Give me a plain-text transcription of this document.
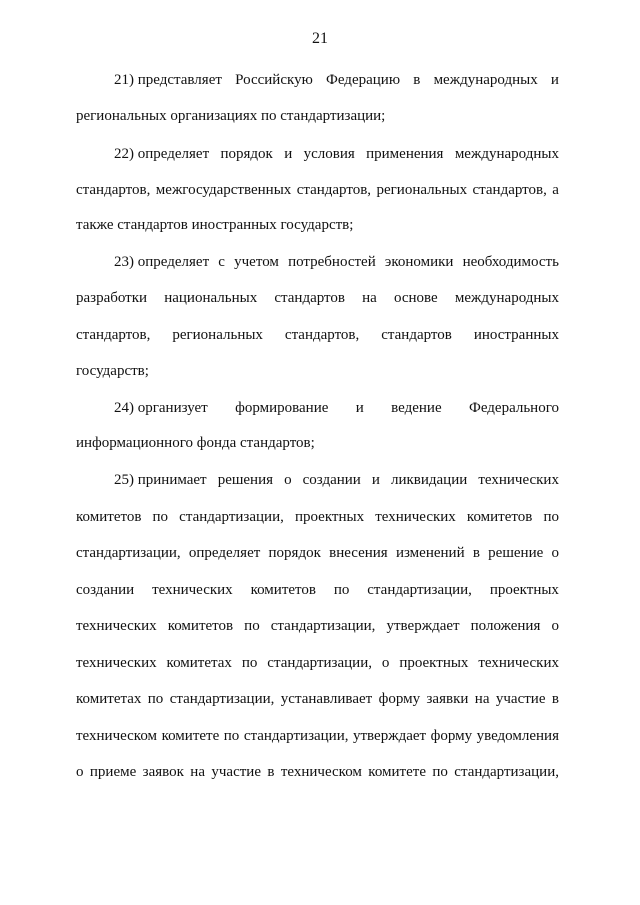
21
21) представляет Российскую Федерацию в международных и
региональных организациях по стандартизации;
22) определяет порядок и условия применения международных
стандартов, межгосударственных стандартов, региональных стандартов, а
также стандартов иностранных государств;
23) определяет с учетом потребностей экономики необходимость
разработки национальных стандартов на основе международных
стандартов, региональных стандартов, стандартов иностранных
государств;
24) организует формирование и ведение Федерального
информационного фонда стандартов;
25) принимает решения о создании и ликвидации технических
комитетов по стандартизации, проектных технических комитетов по
стандартизации, определяет порядок внесения изменений в решение о
создании технических комитетов по стандартизации, проектных
технических комитетов по стандартизации, утверждает положения о
технических комитетах по стандартизации, о проектных технических
комитетах по стандартизации, устанавливает форму заявки на участие в
техническом комитете по стандартизации, утверждает форму уведомления
о приеме заявок на участие в техническом комитете по стандартизации,
